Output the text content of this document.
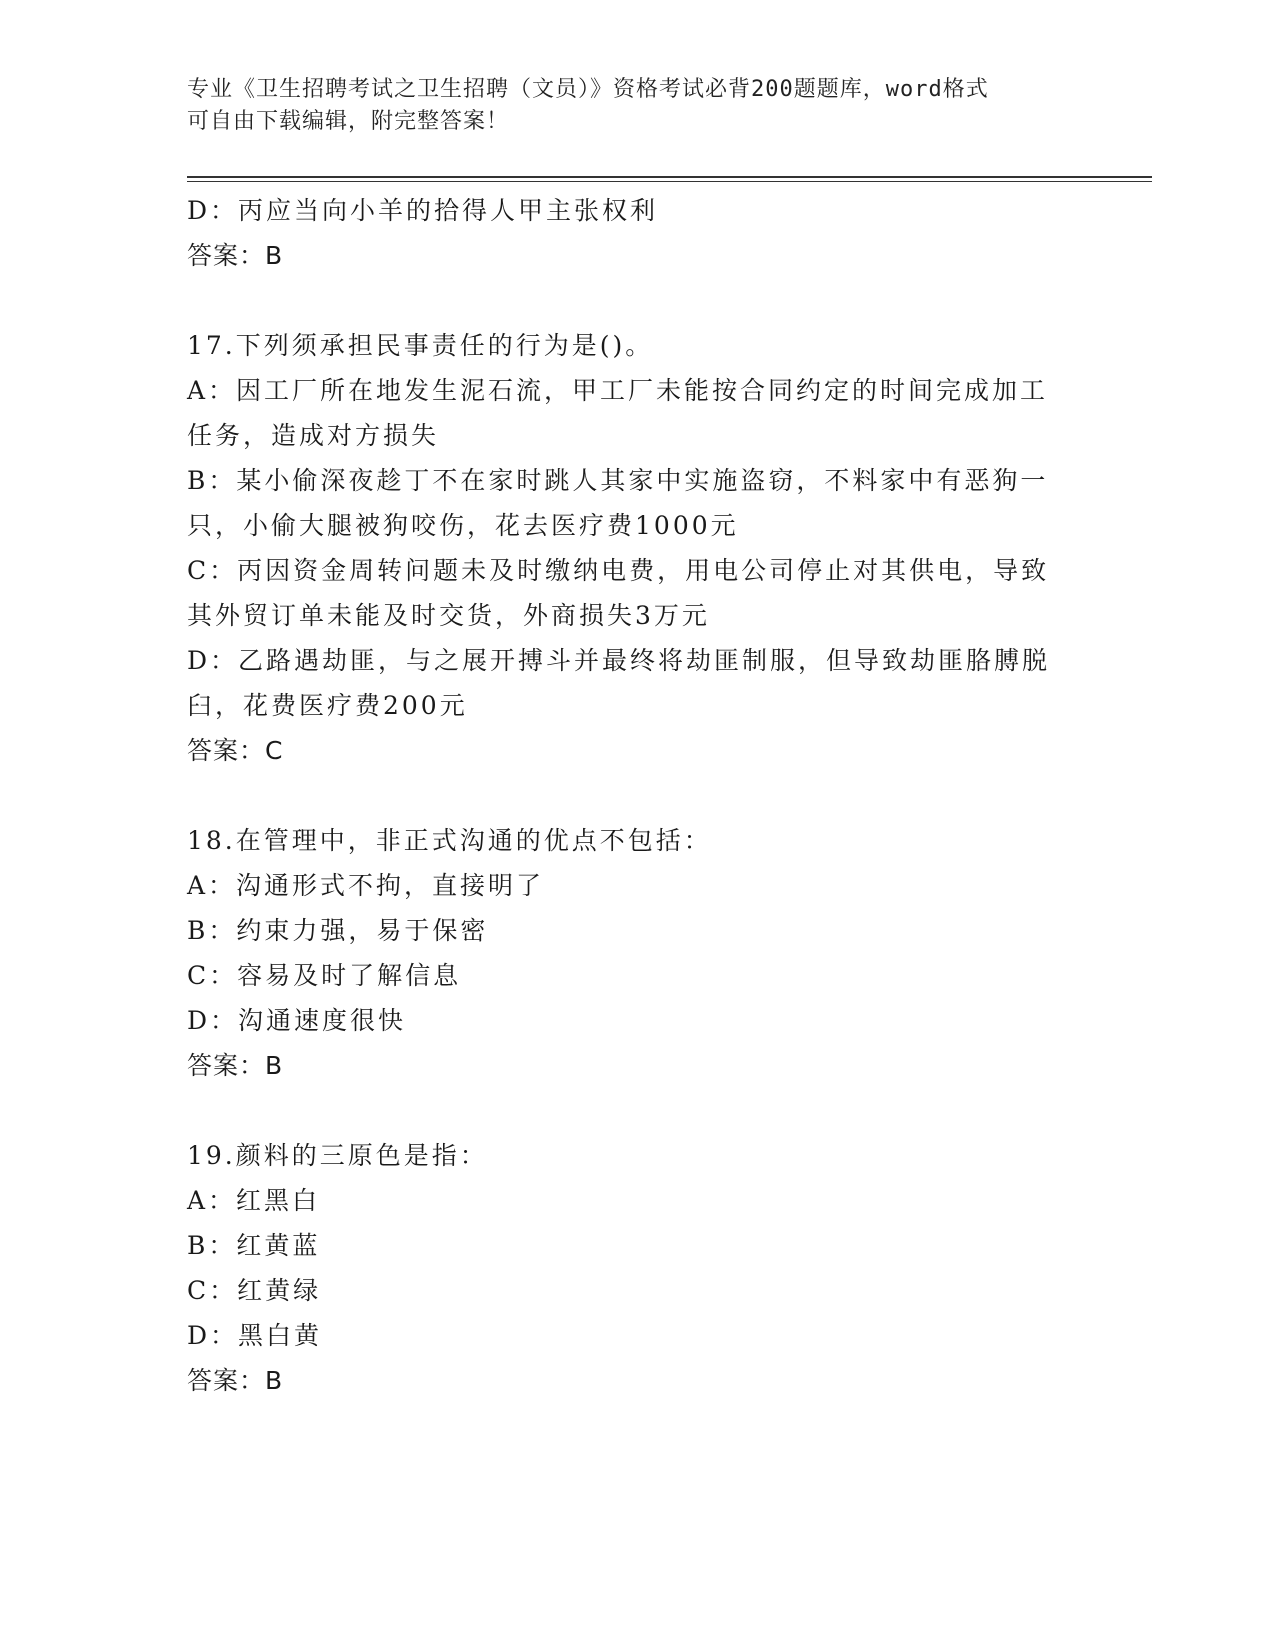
专业《卫生招聘考试之卫生招聘（文员）》资格考试必背200题题库，word格式
可自由下载编辑，附完整答案！
D：丙应当向小羊的拾得人甲主张权利
答案：B
17.下列须承担民事责任的行为是()。
A：因工厂所在地发生泥石流，甲工厂未能按合同约定的时间完成加工
任务，造成对方损失
B：某小偷深夜趁丁不在家时跳人其家中实施盗窃，不料家中有恶狗一
只，小偷大腿被狗咬伤，花去医疗费1000元
C：丙因资金周转问题未及时缴纳电费，用电公司停止对其供电，导致
其外贸订单未能及时交货，外商损失3万元
D：乙路遇劫匪，与之展开搏斗并最终将劫匪制服，但导致劫匪胳膊脱
臼，花费医疗费200元
答案：C
18.在管理中，非正式沟通的优点不包括：
A：沟通形式不拘，直接明了
B：约束力强，易于保密
C：容易及时了解信息
D：沟通速度很快
答案：B
19.颜料的三原色是指：
A：红黑白
B：红黄蓝
C：红黄绿
D：黑白黄
答案：B
